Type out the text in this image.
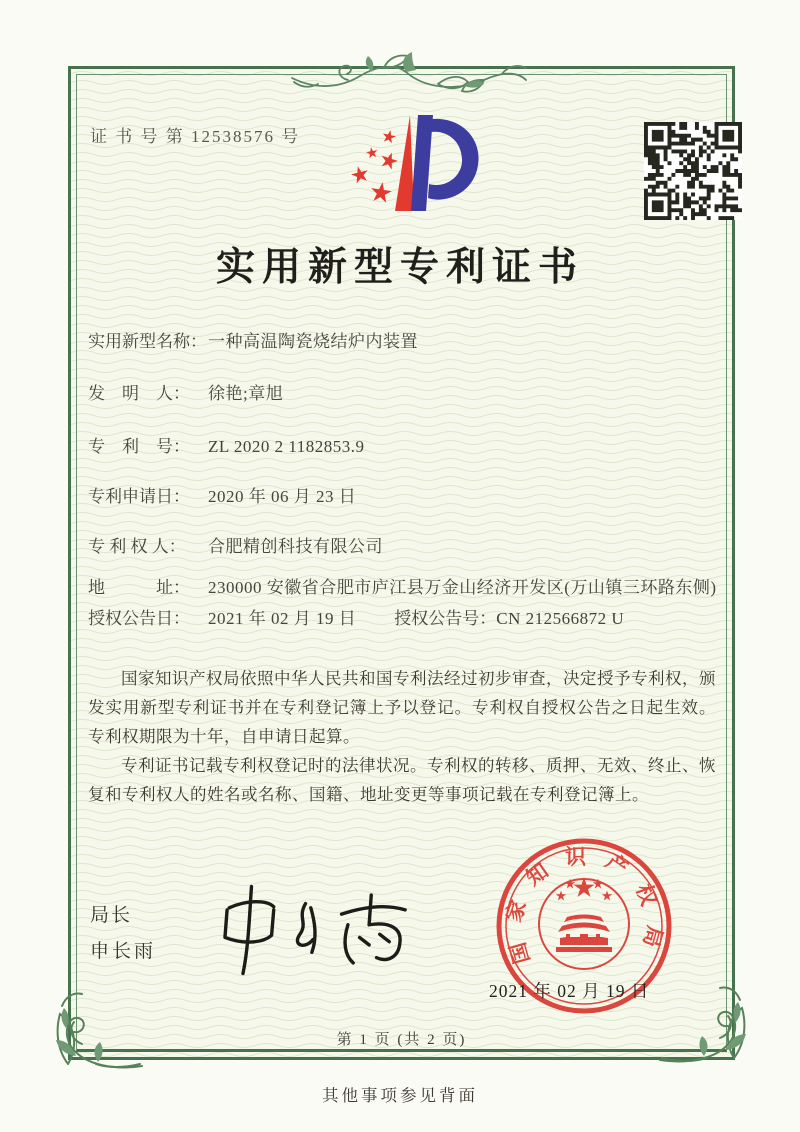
证 书 号 第 12538576 号
实用新型专利证书
实用新型名称： 一种高温陶瓷烧结炉内装置
发　明　人：	徐艳;章旭
专　利　号：	ZL 2020 2 1182853.9
专利申请日：	2020 年 06 月 23 日
专 利 权 人：	合肥精创科技有限公司
地　　　址：	230000 安徽省合肥市庐江县万金山经济开发区(万山镇三环路东侧)
授权公告日：	2021 年 02 月 19 日 授权公告号： CN 212566872 U

国家知识产权局依照中华人民共和国专利法经过初步审查，决定授予专利权，颁发实用新型专利证书并在专利登记簿上予以登记。专利权自授权公告之日起生效。专利权期限为十年，自申请日起算。

专利证书记载专利权登记时的法律状况。专利权的转移、质押、无效、终止、恢复和专利权人的姓名或名称、国籍、地址变更等事项记载在专利登记簿上。

局长
申长雨	国家知识产权局
2021 年 02 月 19 日
第 1 页 (共 2 页)
其他事项参见背面
